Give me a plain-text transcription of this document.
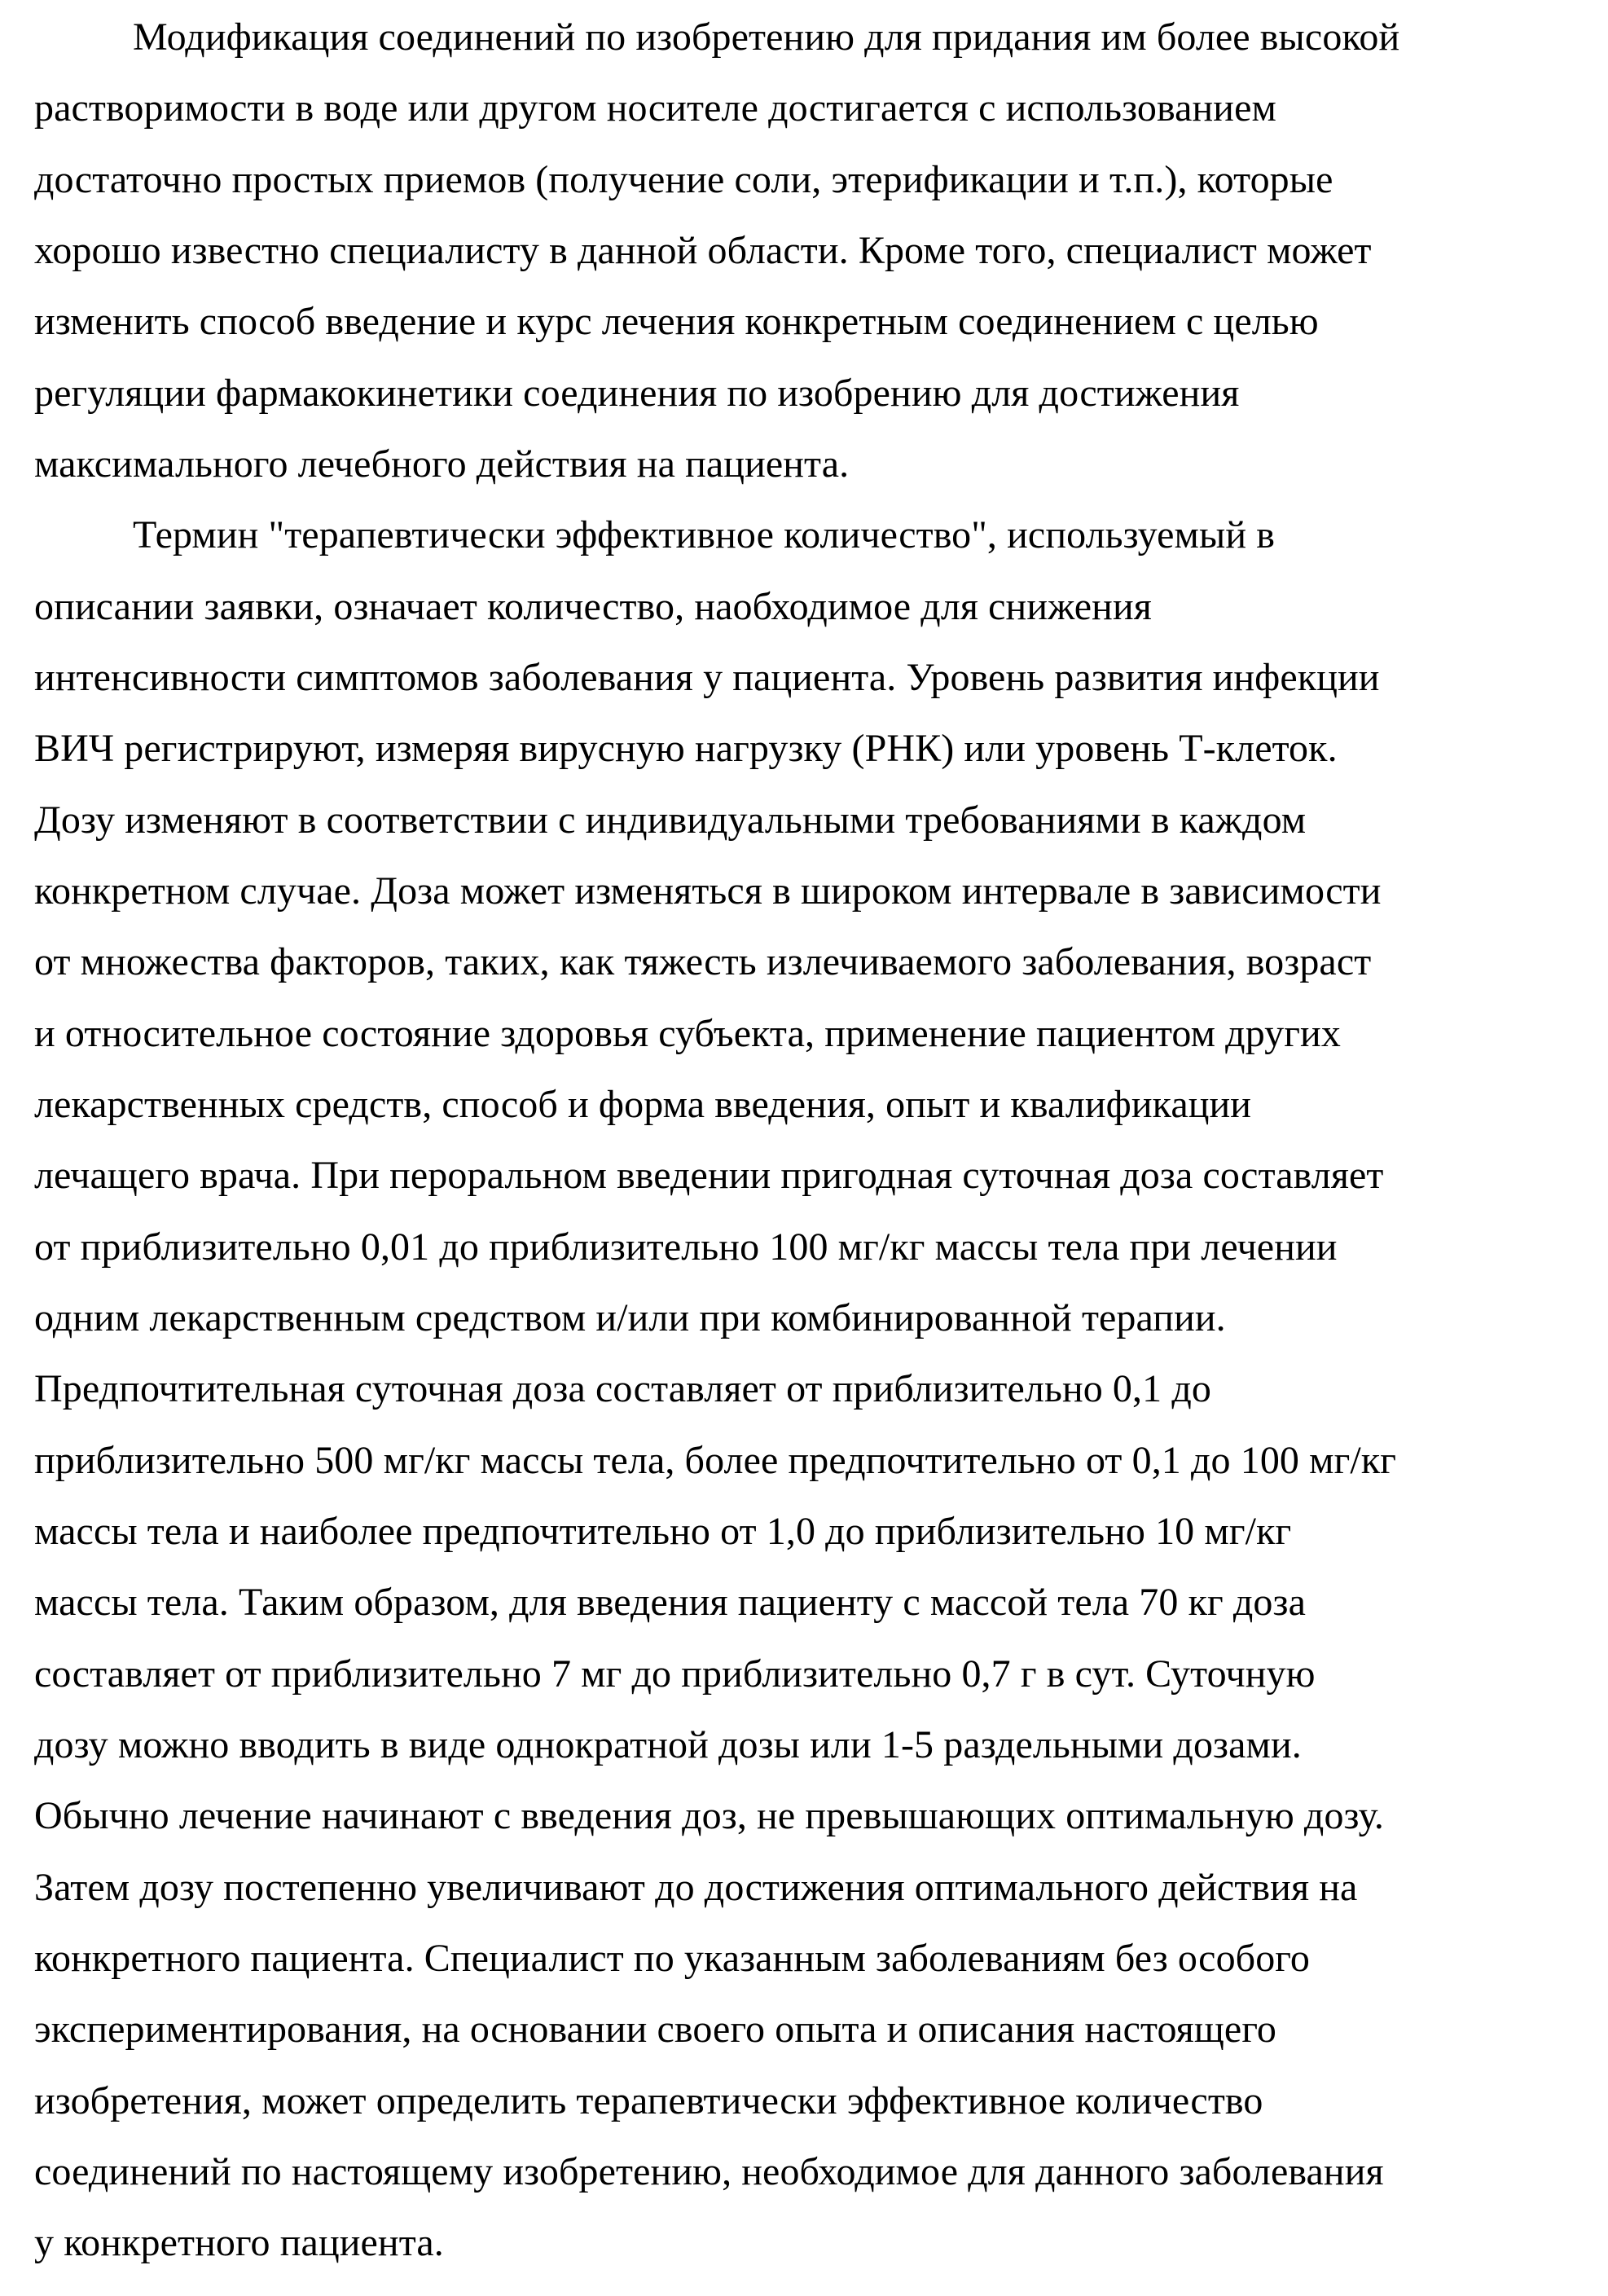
Модификация соединений по изобретению для придания им более высокой
растворимости в воде или другом носителе достигается с использованием
достаточно простых приемов (получение соли, этерификации и т.п.), которые
хорошо известно специалисту в данной области. Кроме того, специалист может
изменить способ введение и курс лечения конкретным соединением с целью
регуляции фармакокинетики соединения по изобрению для достижения
максимального лечебного действия на пациента.
Термин "терапевтически эффективное количество", используемый в
описании заявки, означает количество, наобходимое для снижения
интенсивности симптомов заболевания у пациента. Уровень развития инфекции
ВИЧ регистрируют, измеряя вирусную нагрузку (РНК) или уровень Т-клеток.
Дозу изменяют в соответствии с индивидуальными требованиями в каждом
конкретном случае. Доза может изменяться в широком интервале в зависимости
от множества факторов, таких, как тяжесть излечиваемого заболевания, возраст
и относительное состояние здоровья субъекта, применение пациентом других
лекарственных средств, способ и форма введения, опыт и квалификации
лечащего врача. При пероральном введении пригодная суточная доза составляет
от приблизительно 0,01 до приблизительно 100 мг/кг массы тела при лечении
одним лекарственным средством и/или при комбинированной терапии.
Предпочтительная суточная доза составляет от приблизительно 0,1 до
приблизительно 500 мг/кг массы тела, более предпочтительно от 0,1 до 100 мг/кг
массы тела и наиболее предпочтительно от 1,0 до приблизительно 10 мг/кг
массы тела. Таким образом, для введения пациенту с массой тела 70 кг доза
составляет от приблизительно 7 мг до приблизительно 0,7 г в сут. Суточную
дозу можно вводить в виде однократной дозы или 1-5 раздельными дозами.
Обычно лечение начинают с введения доз, не превышающих оптимальную дозу.
Затем дозу постепенно увеличивают до достижения оптимального действия на
конкретного пациента. Специалист по указанным заболеваниям без особого
экспериментирования, на основании своего опыта и описания настоящего
изобретения, может определить терапевтически эффективное количество
соединений по настоящему изобретению, необходимое для данного заболевания
у конкретного пациента.
